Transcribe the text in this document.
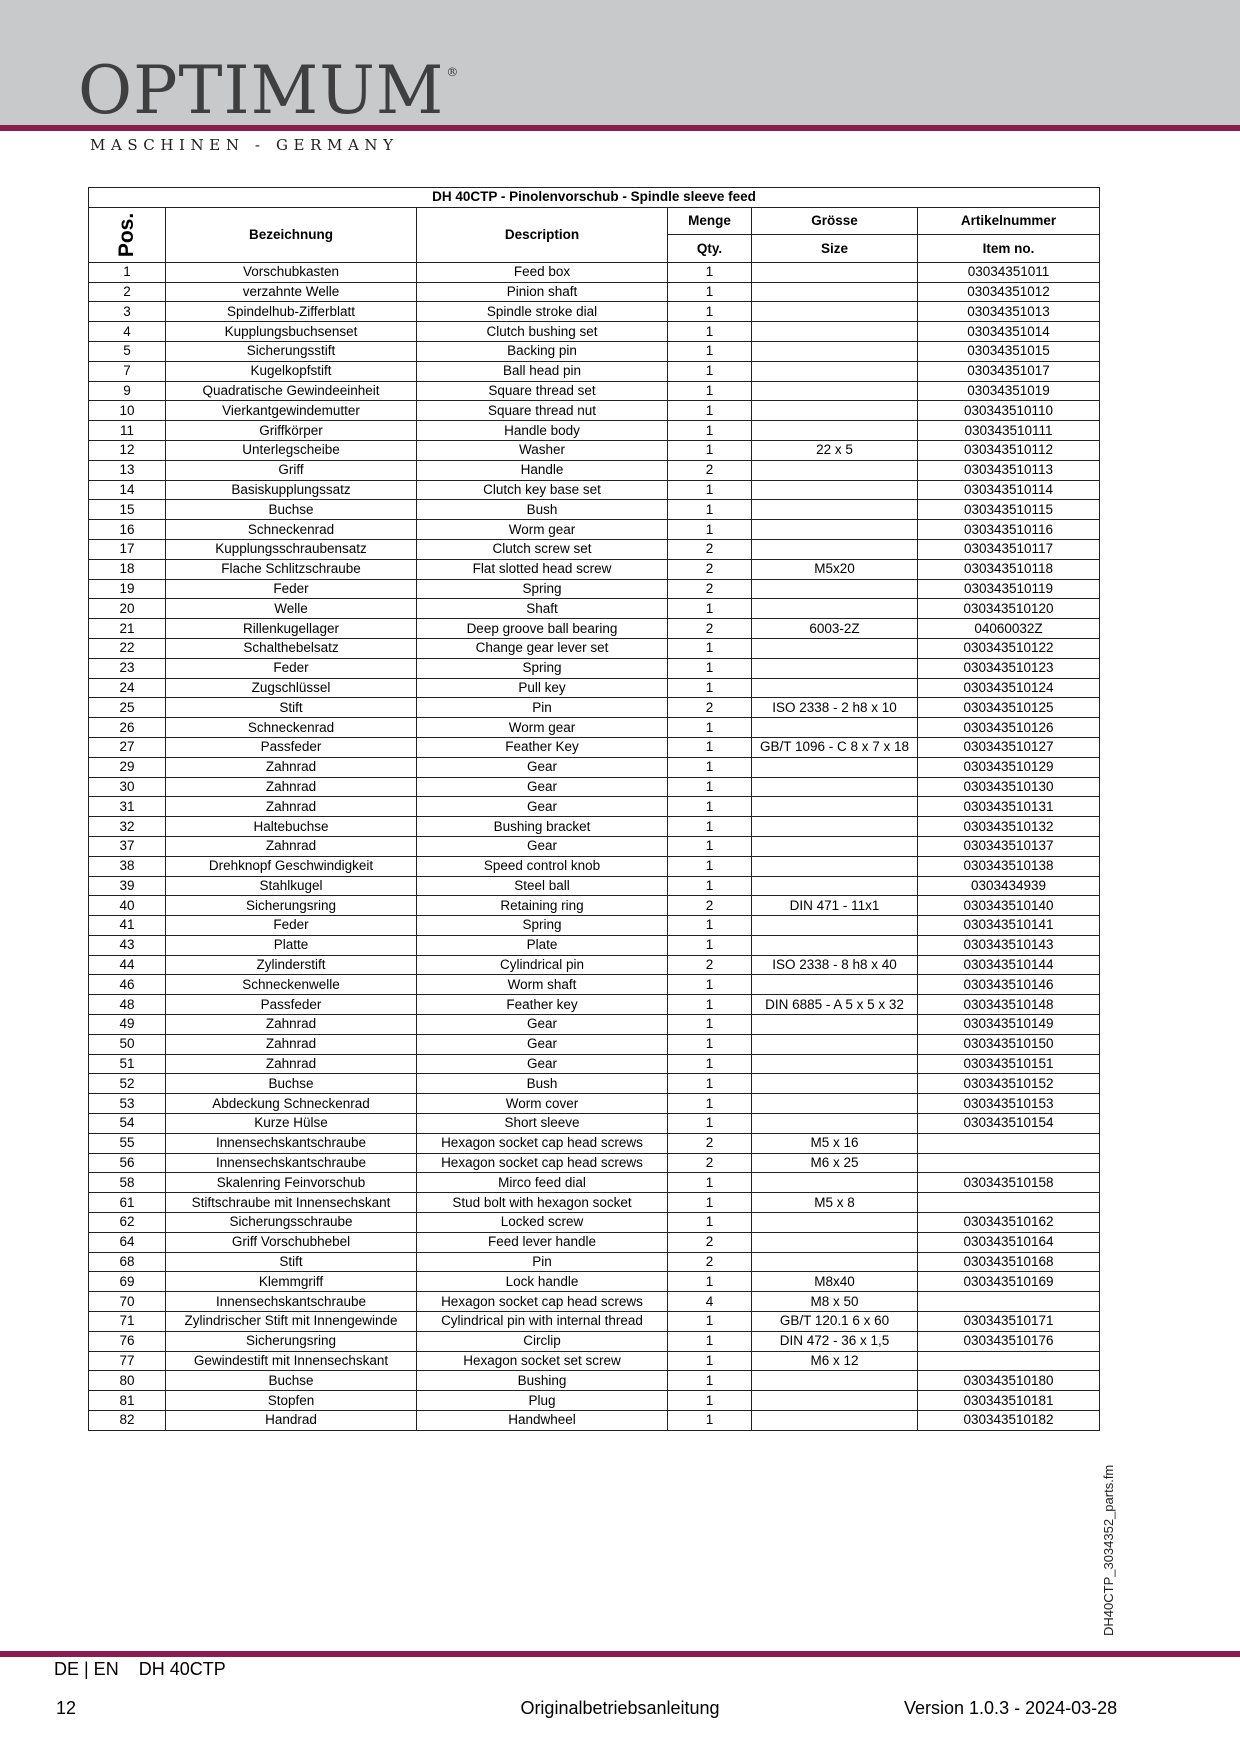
OPTIMUM ®
MASCHINEN - GERMANY
DH 40CTP - Pinolenvorschub - Spindle sleeve feed					

Pos.	Bezeichnung	Description	Menge	Grösse	Artikelnummer
			Qty.	Size	Item no.
1	Vorschubkasten	Feed box	1		03034351011
2	verzahnte Welle	Pinion shaft	1		03034351012
3	Spindelhub-Zifferblatt	Spindle stroke dial	1		03034351013
4	Kupplungsbuchsenset	Clutch bushing set	1		03034351014
5	Sicherungsstift	Backing pin	1		03034351015
7	Kugelkopfstift	Ball head pin	1		03034351017
9	Quadratische Gewindeeinheit	Square thread set	1		03034351019
10	Vierkantgewindemutter	Square thread nut	1		030343510110
11	Griffkörper	Handle body	1		030343510111
12	Unterlegscheibe	Washer	1	22 x 5	030343510112
13	Griff	Handle	2		030343510113
14	Basiskupplungssatz	Clutch key base set	1		030343510114
15	Buchse	Bush	1		030343510115
16	Schneckenrad	Worm gear	1		030343510116
17	Kupplungsschraubensatz	Clutch screw set	2		030343510117
18	Flache Schlitzschraube	Flat slotted head screw	2	M5x20	030343510118
19	Feder	Spring	2		030343510119
20	Welle	Shaft	1		030343510120
21	Rillenkugellager	Deep groove ball bearing	2	6003-2Z	04060032Z
22	Schalthebelsatz	Change gear lever set	1		030343510122
23	Feder	Spring	1		030343510123
24	Zugschlüssel	Pull key	1		030343510124
25	Stift	Pin	2	ISO 2338 - 2 h8 x 10	030343510125
26	Schneckenrad	Worm gear	1		030343510126
27	Passfeder	Feather Key	1	GB/T 1096 - C 8 x 7 x 18	030343510127
29	Zahnrad	Gear	1		030343510129
30	Zahnrad	Gear	1		030343510130
31	Zahnrad	Gear	1		030343510131
32	Haltebuchse	Bushing bracket	1		030343510132
37	Zahnrad	Gear	1		030343510137
38	Drehknopf Geschwindigkeit	Speed control knob	1		030343510138
39	Stahlkugel	Steel ball	1		0303434939
40	Sicherungsring	Retaining ring	2	DIN 471 - 11x1	030343510140
41	Feder	Spring	1		030343510141
43	Platte	Plate	1		030343510143
44	Zylinderstift	Cylindrical pin	2	ISO 2338 - 8 h8 x 40	030343510144
46	Schneckenwelle	Worm shaft	1		030343510146
48	Passfeder	Feather key	1	DIN 6885 - A 5 x 5 x 32	030343510148
49	Zahnrad	Gear	1		030343510149
50	Zahnrad	Gear	1		030343510150
51	Zahnrad	Gear	1		030343510151
52	Buchse	Bush	1		030343510152
53	Abdeckung Schneckenrad	Worm cover	1		030343510153
54	Kurze Hülse	Short sleeve	1		030343510154
55	Innensechskantschraube	Hexagon socket cap head screws	2	M5 x 16	
56	Innensechskantschraube	Hexagon socket cap head screws	2	M6 x 25	
58	Skalenring Feinvorschub	Mirco feed dial	1		030343510158
61	Stiftschraube mit Innensechskant	Stud bolt with hexagon socket	1	M5 x 8	
62	Sicherungsschraube	Locked screw	1		030343510162
64	Griff Vorschubhebel	Feed lever handle	2		030343510164
68	Stift	Pin	2		030343510168
69	Klemmgriff	Lock handle	1	M8x40	030343510169
70	Innensechskantschraube	Hexagon socket cap head screws	4	M8 x 50	
71	Zylindrischer Stift mit Innengewinde	Cylindrical pin with internal thread	1	GB/T 120.1 6 x 60	030343510171
76	Sicherungsring	Circlip	1	DIN 472 - 36 x 1,5	030343510176
77	Gewindestift mit Innensechskant	Hexagon socket set screw	1	M6 x 12	
80	Buchse	Bushing	1		030343510180
81	Stopfen	Plug	1		030343510181
82	Handrad	Handwheel	1		030343510182
DH40CTP_3034352_parts.fm
DE | EN    DH 40CTP
12	Originalbetriebsanleitung	Version 1.0.3 - 2024-03-28
